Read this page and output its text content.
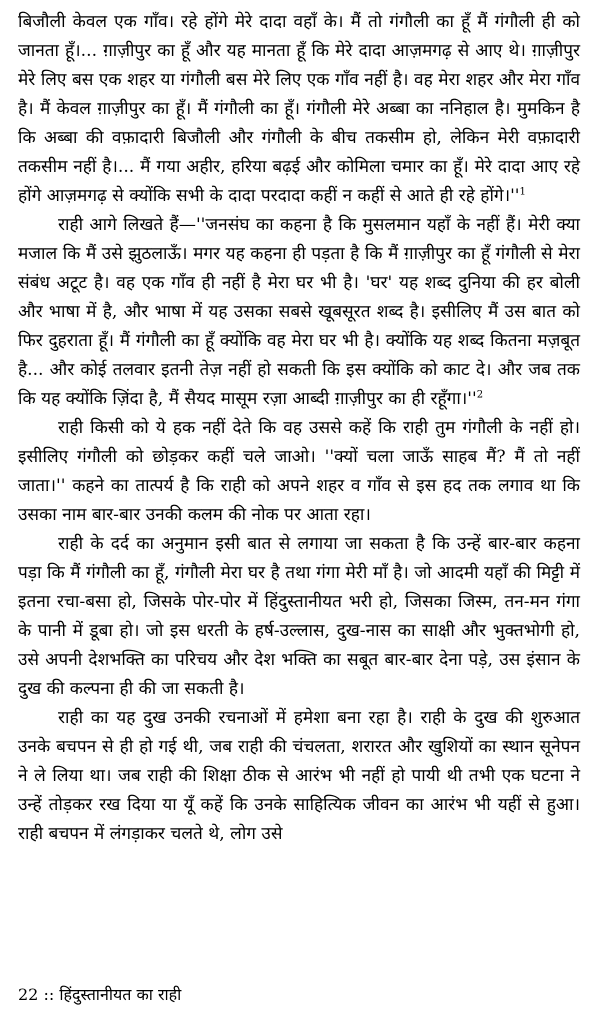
बिजौली केवल एक गाँव। रहे होंगे मेरे दादा वहाँ के। मैं तो गंगौली का हूँ मैं गंगौली ही को जानता हूँ।... ग़ाज़ीपुर का हूँ और यह मानता हूँ कि मेरे दादा आज़मगढ़ से आए थे। ग़ाज़ीपुर मेरे लिए बस एक शहर या गंगौली बस मेरे लिए एक गाँव नहीं है। वह मेरा शहर और मेरा गाँव है। मैं केवल ग़ाज़ीपुर का हूँ। मैं गंगौली का हूँ। गंगौली मेरे अब्बा का ननिहाल है। मुमकिन है कि अब्बा की वफ़ादारी बिजौली और गंगौली के बीच तकसीम हो, लेकिन मेरी वफ़ादारी तकसीम नहीं है।... मैं गया अहीर, हरिया बढ़ई और कोमिला चमार का हूँ। मेरे दादा आए रहे होंगे आज़मगढ़ से क्योंकि सभी के दादा परदादा कहीं न कहीं से आते ही रहे होंगे।''$^1$

राही आगे लिखते हैं—''जनसंघ का कहना है कि मुसलमान यहाँ के नहीं हैं। मेरी क्या मजाल कि मैं उसे झुठलाऊँ। मगर यह कहना ही पड़ता है कि मैं ग़ाज़ीपुर का हूँ गंगौली से मेरा संबंध अटूट है। वह एक गाँव ही नहीं है मेरा घर भी है। 'घर' यह शब्द दुनिया की हर बोली और भाषा में है, और भाषा में यह उसका सबसे खूबसूरत शब्द है। इसीलिए मैं उस बात को फिर दुहराता हूँ। मैं गंगौली का हूँ क्योंकि वह मेरा घर भी है। क्योंकि यह शब्द कितना मज़बूत है... और कोई तलवार इतनी तेज़ नहीं हो सकती कि इस क्योंकि को काट दे। और जब तक कि यह क्योंकि ज़िंदा है, मैं सैयद मासूम रज़ा आब्दी ग़ाज़ीपुर का ही रहूँगा।''$^2$

राही किसी को ये हक नहीं देते कि वह उससे कहें कि राही तुम गंगौली के नहीं हो। इसीलिए गंगौली को छोड़कर कहीं चले जाओ। ''क्यों चला जाऊँ साहब मैं? मैं तो नहीं जाता।'' कहने का तात्पर्य है कि राही को अपने शहर व गाँव से इस हद तक लगाव था कि उसका नाम बार-बार उनकी कलम की नोक पर आता रहा।

राही के दर्द का अनुमान इसी बात से लगाया जा सकता है कि उन्हें बार-बार कहना पड़ा कि मैं गंगौली का हूँ, गंगौली मेरा घर है तथा गंगा मेरी माँ है। जो आदमी यहाँ की मिट्टी में इतना रचा-बसा हो, जिसके पोर-पोर में हिंदुस्तानीयत भरी हो, जिसका जिस्म, तन-मन गंगा के पानी में डूबा हो। जो इस धरती के हर्ष-उल्लास, दुख-नास का साक्षी और भुक्तभोगी हो, उसे अपनी देशभक्ति का परिचय और देश भक्ति का सबूत बार-बार देना पड़े, उस इंसान के दुख की कल्पना ही की जा सकती है।

राही का यह दुख उनकी रचनाओं में हमेशा बना रहा है। राही के दुख की शुरुआत उनके बचपन से ही हो गई थी, जब राही की चंचलता, शरारत और खुशियों का स्थान सूनेपन ने ले लिया था। जब राही की शिक्षा ठीक से आरंभ भी नहीं हो पायी थी तभी एक घटना ने उन्हें तोड़कर रख दिया या यूँ कहें कि उनके साहित्यिक जीवन का आरंभ भी यहीं से हुआ। राही बचपन में लंगड़ाकर चलते थे, लोग उसे

22 :: हिंदुस्तानीयत का राही
